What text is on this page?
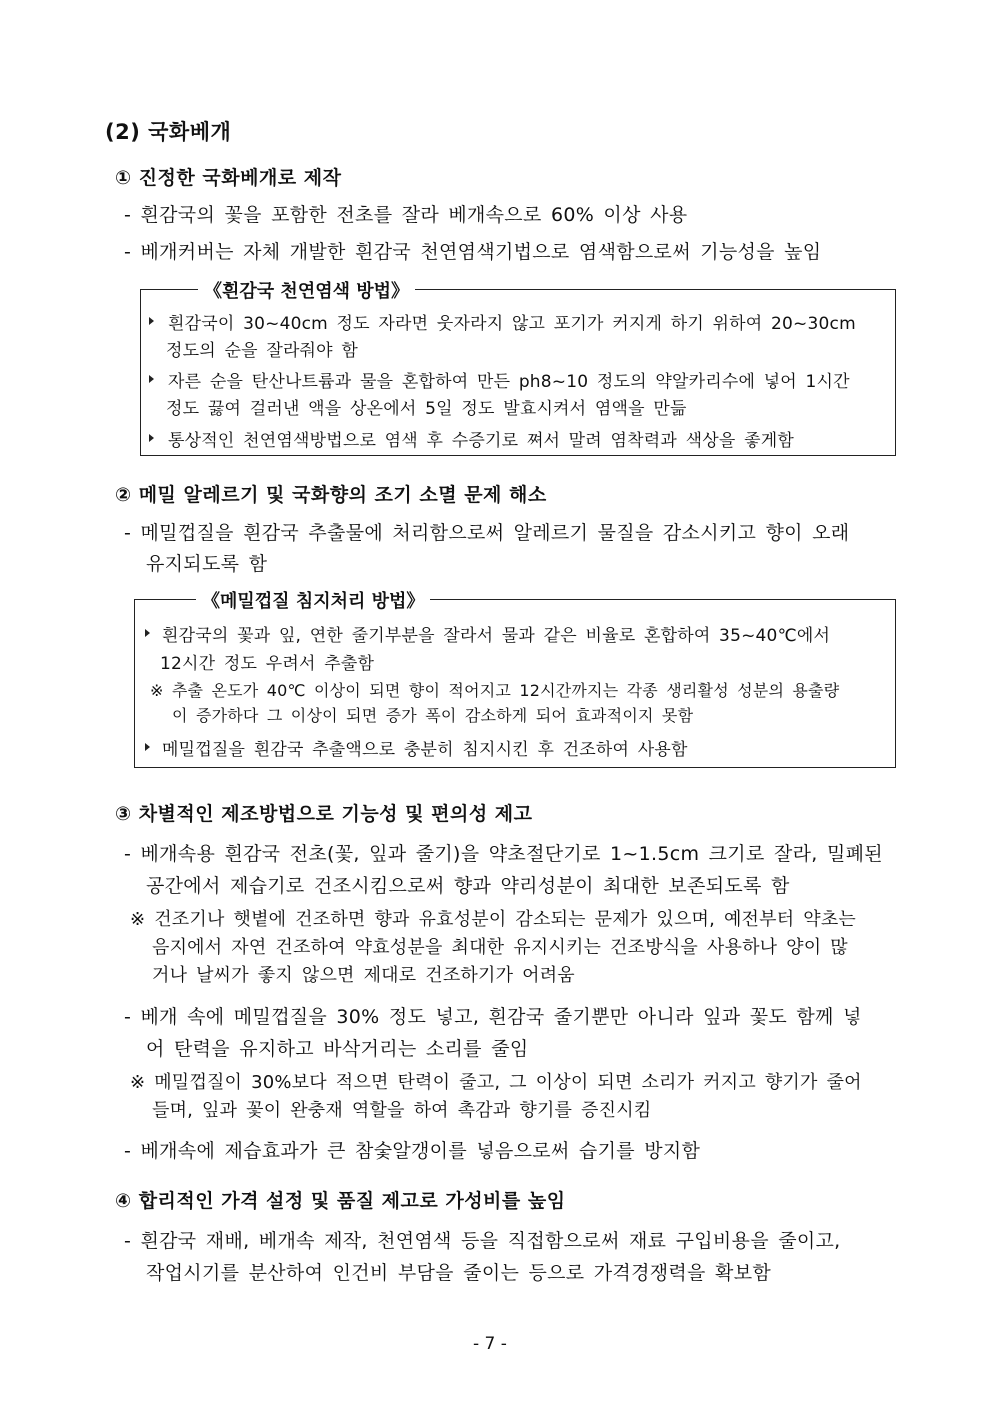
(2) 국화베개
① 진정한 국화베개로 제작
- 흰감국의 꽃을 포함한 전초를 잘라 베개속으로 60% 이상 사용
- 베개커버는 자체 개발한 흰감국 천연염색기법으로 염색함으로써 기능성을 높임
《흰감국 천연염색 방법》
흰감국이 30~40cm 정도 자라면 웃자라지 않고 포기가 커지게 하기 위하여 20~30cm
정도의 순을 잘라줘야 함
자른 순을 탄산나트륨과 물을 혼합하여 만든 ph8~10 정도의 약알카리수에 넣어 1시간
정도 끓여 걸러낸 액을 상온에서 5일 정도 발효시켜서 염액을 만듦
통상적인 천연염색방법으로 염색 후 수증기로 쪄서 말려 염착력과 색상을 좋게함
② 메밀 알레르기 및 국화향의 조기 소멸 문제 해소
- 메밀껍질을 흰감국 추출물에 처리함으로써 알레르기 물질을 감소시키고 향이 오래
유지되도록 함
《메밀껍질 침지처리 방법》
흰감국의 꽃과 잎, 연한 줄기부분을 잘라서 물과 같은 비율로 혼합하여 35~40℃에서
12시간 정도 우려서 추출함
※ 추출 온도가 40℃ 이상이 되면 향이 적어지고 12시간까지는 각종 생리활성 성분의 용출량
이 증가하다 그 이상이 되면 증가 폭이 감소하게 되어 효과적이지 못함
메밀껍질을 흰감국 추출액으로 충분히 침지시킨 후 건조하여 사용함
③ 차별적인 제조방법으로 기능성 및 편의성 제고
- 베개속용 흰감국 전초(꽃, 잎과 줄기)을 약초절단기로 1~1.5cm 크기로 잘라, 밀폐된
공간에서 제습기로 건조시킴으로써 향과 약리성분이 최대한 보존되도록 함
※ 건조기나 햇볕에 건조하면 향과 유효성분이 감소되는 문제가 있으며, 예전부터 약초는
음지에서 자연 건조하여 약효성분을 최대한 유지시키는 건조방식을 사용하나 양이 많
거나 날씨가 좋지 않으면 제대로 건조하기가 어려움
- 베개 속에 메밀껍질을 30% 정도 넣고, 흰감국 줄기뿐만 아니라 잎과 꽃도 함께 넣
어 탄력을 유지하고 바삭거리는 소리를 줄임
※ 메밀껍질이 30%보다 적으면 탄력이 줄고, 그 이상이 되면 소리가 커지고 향기가 줄어
들며, 잎과 꽃이 완충재 역할을 하여 촉감과 향기를 증진시킴
- 베개속에 제습효과가 큰 참숯알갱이를 넣음으로써 습기를 방지함
④ 합리적인 가격 설정 및 품질 제고로 가성비를 높임
- 흰감국 재배, 베개속 제작, 천연염색 등을 직접함으로써 재료 구입비용을 줄이고,
작업시기를 분산하여 인건비 부담을 줄이는 등으로 가격경쟁력을 확보함
- 7 -
